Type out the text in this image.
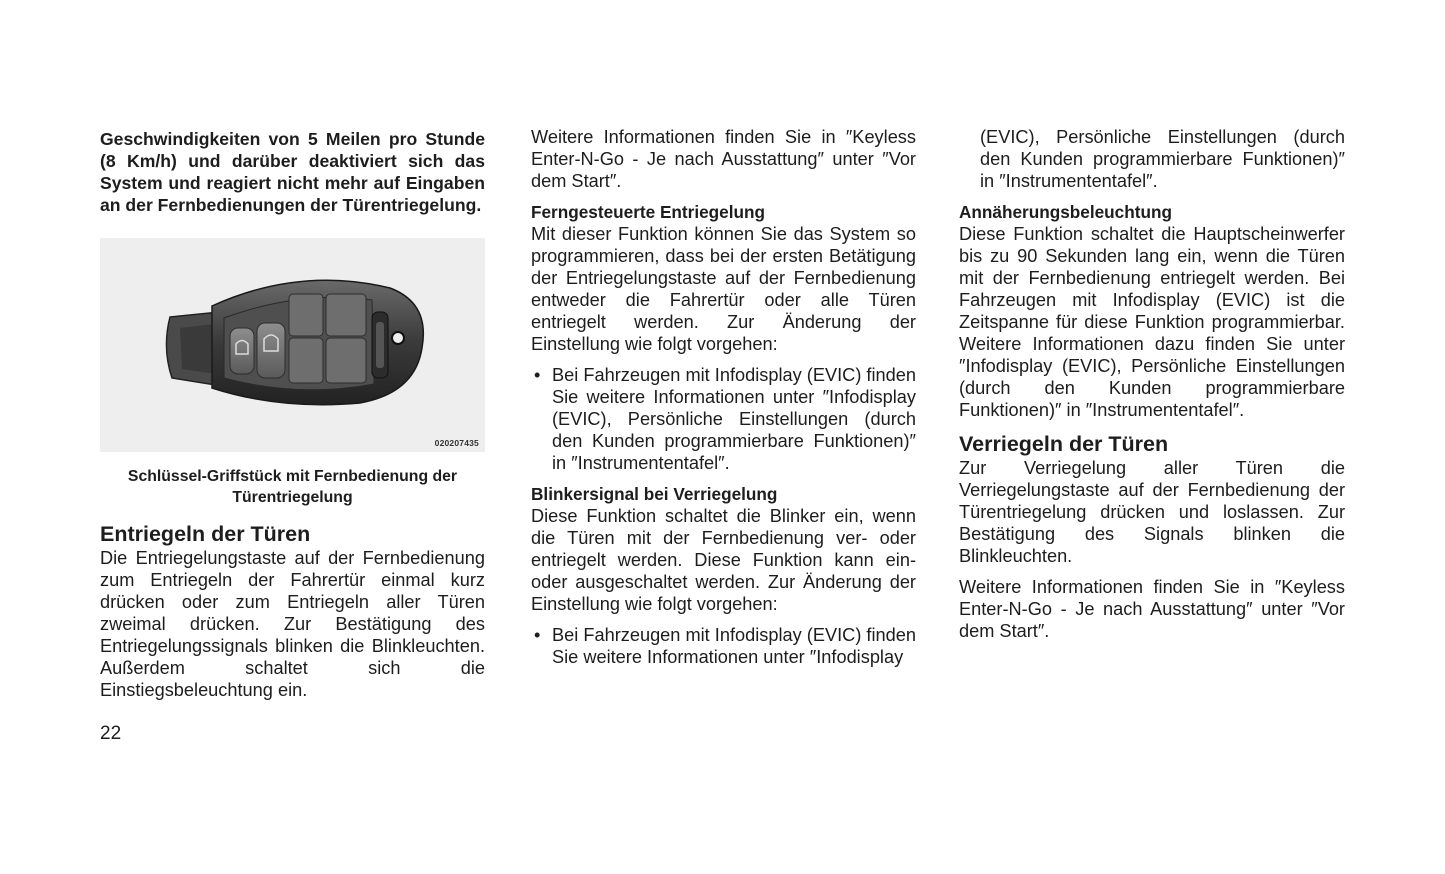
Geschwindigkeiten von 5 Meilen pro Stunde (8 Km/h) und darüber deaktiviert sich das System und reagiert nicht mehr auf Eingaben an der Fernbedienungen der Türentriegelung.

020207435
Schlüssel-Griffstück mit Fernbedienung der Türentriegelung
Entriegeln der Türen

Die Entriegelungstaste auf der Fernbedienung zum Entriegeln der Fahrertür einmal kurz drücken oder zum Entriegeln aller Türen zweimal drücken. Zur Bestätigung des Entriegelungssignals blinken die Blinkleuchten. Außerdem schaltet sich die Einstiegsbeleuchtung ein.

Weitere Informationen finden Sie in ″Keyless Enter-N-Go - Je nach Ausstattung″ unter ″Vor dem Start″.

Ferngesteuerte Entriegelung

Mit dieser Funktion können Sie das System so programmieren, dass bei der ersten Betätigung der Entriegelungstaste auf der Fernbedienung entweder die Fahrertür oder alle Türen entriegelt werden. Zur Änderung der Einstellung wie folgt vorgehen:

• Bei Fahrzeugen mit Infodisplay (EVIC) finden Sie weitere Informationen unter ″Infodisplay (EVIC), Persönliche Einstellungen (durch den Kunden programmierbare Funktionen)″ in ″Instrumententafel″.
Blinkersignal bei Verriegelung

Diese Funktion schaltet die Blinker ein, wenn die Türen mit der Fernbedienung ver- oder entriegelt werden. Diese Funktion kann ein- oder ausgeschaltet werden. Zur Änderung der Einstellung wie folgt vorgehen:

• Bei Fahrzeugen mit Infodisplay (EVIC) finden Sie weitere Informationen unter ″Infodisplay

(EVIC), Persönliche Einstellungen (durch den Kunden programmierbare Funktionen)″ in ″Instrumententafel″.

Annäherungsbeleuchtung

Diese Funktion schaltet die Hauptscheinwerfer bis zu 90 Sekunden lang ein, wenn die Türen mit der Fernbedienung entriegelt werden. Bei Fahrzeugen mit Infodisplay (EVIC) ist die Zeitspanne für diese Funktion programmierbar. Weitere Informationen dazu finden Sie unter ″Infodisplay (EVIC), Persönliche Einstellungen (durch den Kunden programmierbare Funktionen)″ in ″Instrumententafel″.

Verriegeln der Türen

Zur Verriegelung aller Türen die Verriegelungstaste auf der Fernbedienung der Türentriegelung drücken und loslassen. Zur Bestätigung des Signals blinken die Blinkleuchten.

Weitere Informationen finden Sie in ″Keyless Enter-N-Go - Je nach Ausstattung″ unter ″Vor dem Start″.

22
